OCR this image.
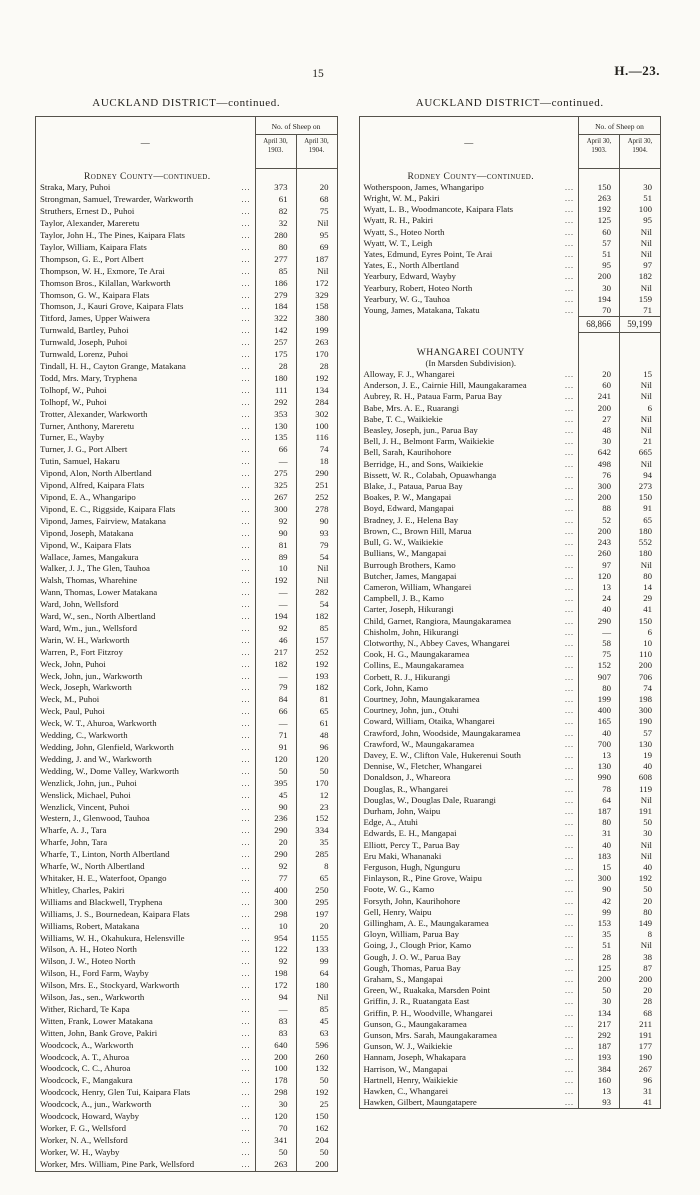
15	H.—23.
AUCKLAND DISTRICT—continued.
—	No. of Sheep on	
	April 30, 1903.	April 30, 1904.
Rodney County—continued.		
Straka, Mary, Puhoi ...	373	20
Strongman, Samuel, Trewarder, Warkworth ...	61	68
Struthers, Ernest D., Puhoi ...	82	75
Taylor, Alexander, Mareretu ...	32	Nil
Taylor, John H., The Pines, Kaipara Flats ...	280	95
Taylor, William, Kaipara Flats ...	80	69
Thompson, G. E., Port Albert ...	277	187
Thompson, W. H., Exmore, Te Arai ...	85	Nil
Thomson Bros., Kilallan, Warkworth ...	186	172
Thomson, G. W., Kaipara Flats ...	279	329
Thomson, J., Kauri Grove, Kaipara Flats ...	184	158
Titford, James, Upper Waiwera ...	322	380
Turnwald, Bartley, Puhoi ...	142	199
Turnwald, Joseph, Puhoi ...	257	263
Turnwald, Lorenz, Puhoi ...	175	170
Tindall, H. H., Cayton Grange, Matakana ...	28	28
Todd, Mrs. Mary, Tryphena ...	180	192
Tolhopf, W., Puhoi ...	111	134
Tolhopf, W., Puhoi ...	292	284
Trotter, Alexander, Warkworth ...	353	302
Turner, Anthony, Mareretu ...	130	100
Turner, E., Wayby ...	135	116
Turner, J. G., Port Albert ...	66	74
Tutin, Samuel, Hakaru ...	—	18
Vipond, Alon, North Albertland ...	275	290
Vipond, Alfred, Kaipara Flats ...	325	251
Vipond, E. A., Whangaripo ...	267	252
Vipond, E. C., Riggside, Kaipara Flats ...	300	278
Vipond, James, Fairview, Matakana ...	92	90
Vipond, Joseph, Matakana ...	90	93
Vipond, W., Kaipara Flats ...	81	79
Wallace, James, Mangakura ...	89	54
Walker, J. J., The Glen, Tauhoa ...	10	Nil
Walsh, Thomas, Wharehine ...	192	Nil
Wann, Thomas, Lower Matakana ...	—	282
Ward, John, Wellsford ...	—	54
Ward, W., sen., North Albertland ...	194	182
Ward, Wm., jun., Wellsford ...	92	85
Warin, W. H., Warkworth ...	46	157
Warren, P., Fort Fitzroy ...	217	252
Weck, John, Puhoi ...	182	192
Weck, John, jun., Warkworth ...	—	193
Weck, Joseph, Warkworth ...	79	182
Weck, M., Puhoi ...	84	81
Weck, Paul, Puhoi ...	66	65
Weck, W. T., Ahuroa, Warkworth ...	—	61
Wedding, C., Warkworth ...	71	48
Wedding, John, Glenfield, Warkworth ...	91	96
Wedding, J. and W., Warkworth ...	120	120
Wedding, W., Dome Valley, Warkworth ...	50	50
Wenzlick, John, jun., Puhoi ...	395	170
Wenslick, Michael, Puhoi ...	45	12
Wenzlick, Vincent, Puhoi ...	90	23
Western, J., Glenwood, Tauhoa ...	236	152
Wharfe, A. J., Tara ...	290	334
Wharfe, John, Tara ...	20	35
Wharfe, T., Linton, North Albertland ...	290	285
Wharfe, W., North Albertland ...	92	8
Whitaker, H. E., Waterfoot, Opango ...	77	65
Whitley, Charles, Pakiri ...	400	250
Williams and Blackwell, Tryphena ...	300	295
Williams, J. S., Bournedean, Kaipara Flats ...	298	197
Williams, Robert, Matakana ...	10	20
Williams, W. H., Okahukura, Helensville ...	954	1155
Wilson, A. H., Hoteo North ...	122	133
Wilson, J. W., Hoteo North ...	92	99
Wilson, H., Ford Farm, Wayby ...	198	64
Wilson, Mrs. E., Stockyard, Warkworth ...	172	180
Wilson, Jas., sen., Warkworth ...	94	Nil
Wither, Richard, Te Kapa ...	—	85
Witten, Frank, Lower Matakana ...	83	45
Witten, John, Bank Grove, Pakiri ...	83	63
Woodcock, A., Warkworth ...	640	596
Woodcock, A. T., Ahuroa ...	200	260
Woodcock, C. C., Ahuroa ...	100	132
Woodcock, F., Mangakura ...	178	50
Woodcock, Henry, Glen Tui, Kaipara Flats ...	298	192
Woodcock, A., jun., Warkworth ...	30	25
Woodcock, Howard, Wayby ...	120	150
Worker, F. G., Wellsford ...	70	162
Worker, N. A., Wellsford ...	341	204
Worker, W. H., Wayby ...	50	50
Worker, Mrs. William, Pine Park, Wellsford ...	263	200
AUCKLAND DISTRICT—continued.
—	No. of Sheep on	
	April 30, 1903.	April 30, 1904.
Rodney County—continued.		
Wotherspoon, James, Whangaripo ...	150	30
Wright, W. M., Pakiri ...	263	51
Wyatt, L. B., Woodmancote, Kaipara Flats ...	192	100
Wyatt, R. H., Pakiri ...	125	95
Wyatt, S., Hoteo North ...	60	Nil
Wyatt, W. T., Leigh ...	57	Nil
Yates, Edmund, Eyres Point, Te Arai ...	51	Nil
Yates, E., North Albertland ...	95	97
Yearbury, Edward, Wayby ...	200	182
Yearbury, Robert, Hoteo North ...	30	Nil
Yearbury, W. G., Tauhoa ...	194	159
Young, James, Matakana, Takatu ...	70	71
	68,866	59,199

WHANGAREI COUNTY		
(In Marsden Subdivision).		
Alloway, F. J., Whangarei ...	20	15
Anderson, J. E., Cairnie Hill, Maungakaramea ...	60	Nil
Aubrey, R. H., Pataua Farm, Parua Bay ...	241	Nil
Babe, Mrs. A. E., Ruarangi ...	200	6
Babe, T. C., Waikiekie ...	27	Nil
Beasley, Joseph, jun., Parua Bay ...	48	Nil
Bell, J. H., Belmont Farm, Waikiekie ...	30	21
Bell, Sarah, Kaurihohore ...	642	665
Berridge, H., and Sons, Waikiekie ...	498	Nil
Bissett, W. R., Colabah, Opuawhanga ...	76	94
Blake, J., Pataua, Parua Bay ...	300	273
Boakes, P. W., Mangapai ...	200	150
Boyd, Edward, Mangapai ...	88	91
Bradney, J. E., Helena Bay ...	52	65
Brown, C., Brown Hill, Marua ...	200	180
Bull, G. W., Waikiekie ...	243	552
Bullians, W., Mangapai ...	260	180
Burrough Brothers, Kamo ...	97	Nil
Butcher, James, Mangapai ...	120	80
Cameron, William, Whangarei ...	13	14
Campbell, J. B., Kamo ...	24	29
Carter, Joseph, Hikurangi ...	40	41
Child, Garnet, Rangiora, Maungakaramea ...	290	150
Chisholm, John, Hikurangi ...	—	6
Clotworthy, N., Abbey Caves, Whangarei ...	58	10
Cook, H. G., Maungakaramea ...	75	110
Collins, E., Maungakaramea ...	152	200
Corbett, R. J., Hikurangi ...	907	706
Cork, John, Kamo ...	80	74
Courtney, John, Maungakaramea ...	199	198
Courtney, John, jun., Otuhi ...	400	300
Coward, William, Otaika, Whangarei ...	165	190
Crawford, John, Woodside, Maungakaramea ...	40	57
Crawford, W., Maungakaramea ...	700	130
Davey, E. W., Clifton Vale, Hukerenui South ...	13	19
Dennise, W., Fletcher, Whangarei ...	130	40
Donaldson, J., Whareora ...	990	608
Douglas, R., Whangarei ...	78	119
Douglas, W., Douglas Dale, Ruarangi ...	64	Nil
Durham, John, Waipu ...	187	191
Edge, A., Atuhi ...	80	50
Edwards, E. H., Mangapai ...	31	30
Elliott, Percy T., Parua Bay ...	40	Nil
Eru Maki, Whananaki ...	183	Nil
Ferguson, Hugh, Ngunguru ...	15	40
Finlayson, R., Pine Grove, Waipu ...	300	192
Foote, W. G., Kamo ...	90	50
Forsyth, John, Kaurihohore ...	42	20
Gell, Henry, Waipu ...	99	80
Gillingham, A. E., Maungakaramea ...	153	149
Gloyn, William, Parua Bay ...	35	8
Going, J., Clough Prior, Kamo ...	51	Nil
Gough, J. O. W., Parua Bay ...	28	38
Gough, Thomas, Parua Bay ...	125	87
Graham, S., Mangapai ...	200	200
Green, W., Ruakaka, Marsden Point ...	50	20
Griffin, J. R., Ruatangata East ...	30	28
Griffin, P. H., Woodville, Whangarei ...	134	68
Gunson, G., Maungakaramea ...	217	211
Gunson, Mrs. Sarah, Maungakaramea ...	292	191
Gunson, W. J., Waikiekie ...	187	177
Hannam, Joseph, Whakapara ...	193	190
Harrison, W., Mangapai ...	384	267
Hartnell, Henry, Waikiekie ...	160	96
Hawken, C., Whangarei ...	13	31
Hawken, Gilbert, Maungatapere ...	93	41
